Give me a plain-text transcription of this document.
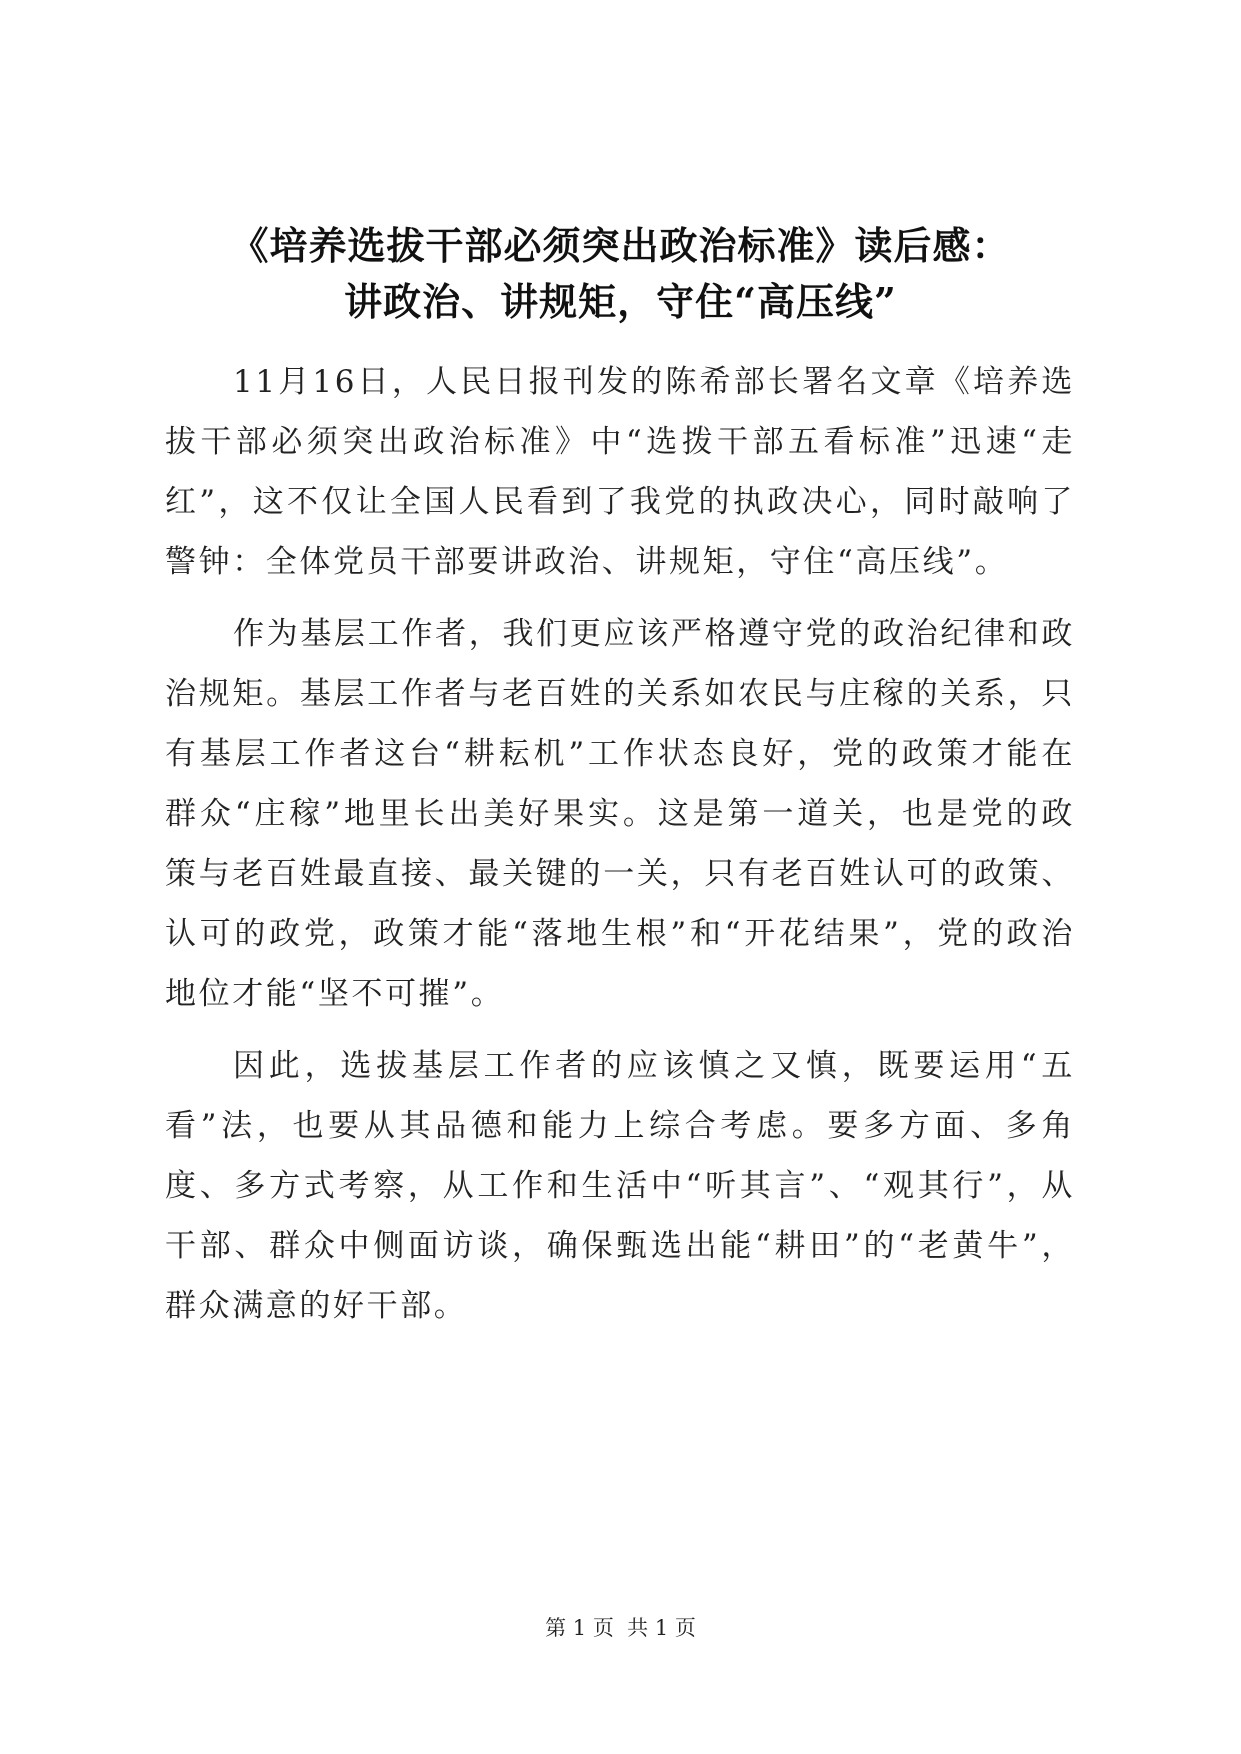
《培养选拔干部必须突出政治标准》读后感：
讲政治、讲规矩，守住“高压线”

11月16日，人民日报刊发的陈希部长署名文章《培养选拔干部必须突出政治标准》中“选拨干部五看标准”迅速“走红”，这不仅让全国人民看到了我党的执政决心，同时敲响了警钟：全体党员干部要讲政治、讲规矩，守住“高压线”。

作为基层工作者，我们更应该严格遵守党的政治纪律和政治规矩。基层工作者与老百姓的关系如农民与庄稼的关系，只有基层工作者这台“耕耘机”工作状态良好，党的政策才能在群众“庄稼”地里长出美好果实。这是第一道关，也是党的政策与老百姓最直接、最关键的一关，只有老百姓认可的政策、认可的政党，政策才能“落地生根”和“开花结果”，党的政治地位才能“坚不可摧”。

因此，选拔基层工作者的应该慎之又慎，既要运用“五看”法，也要从其品德和能力上综合考虑。要多方面、多角度、多方式考察，从工作和生活中“听其言”、“观其行”，从干部、群众中侧面访谈，确保甄选出能“耕田”的“老黄牛”，群众满意的好干部。

第 1 页  共 1 页
